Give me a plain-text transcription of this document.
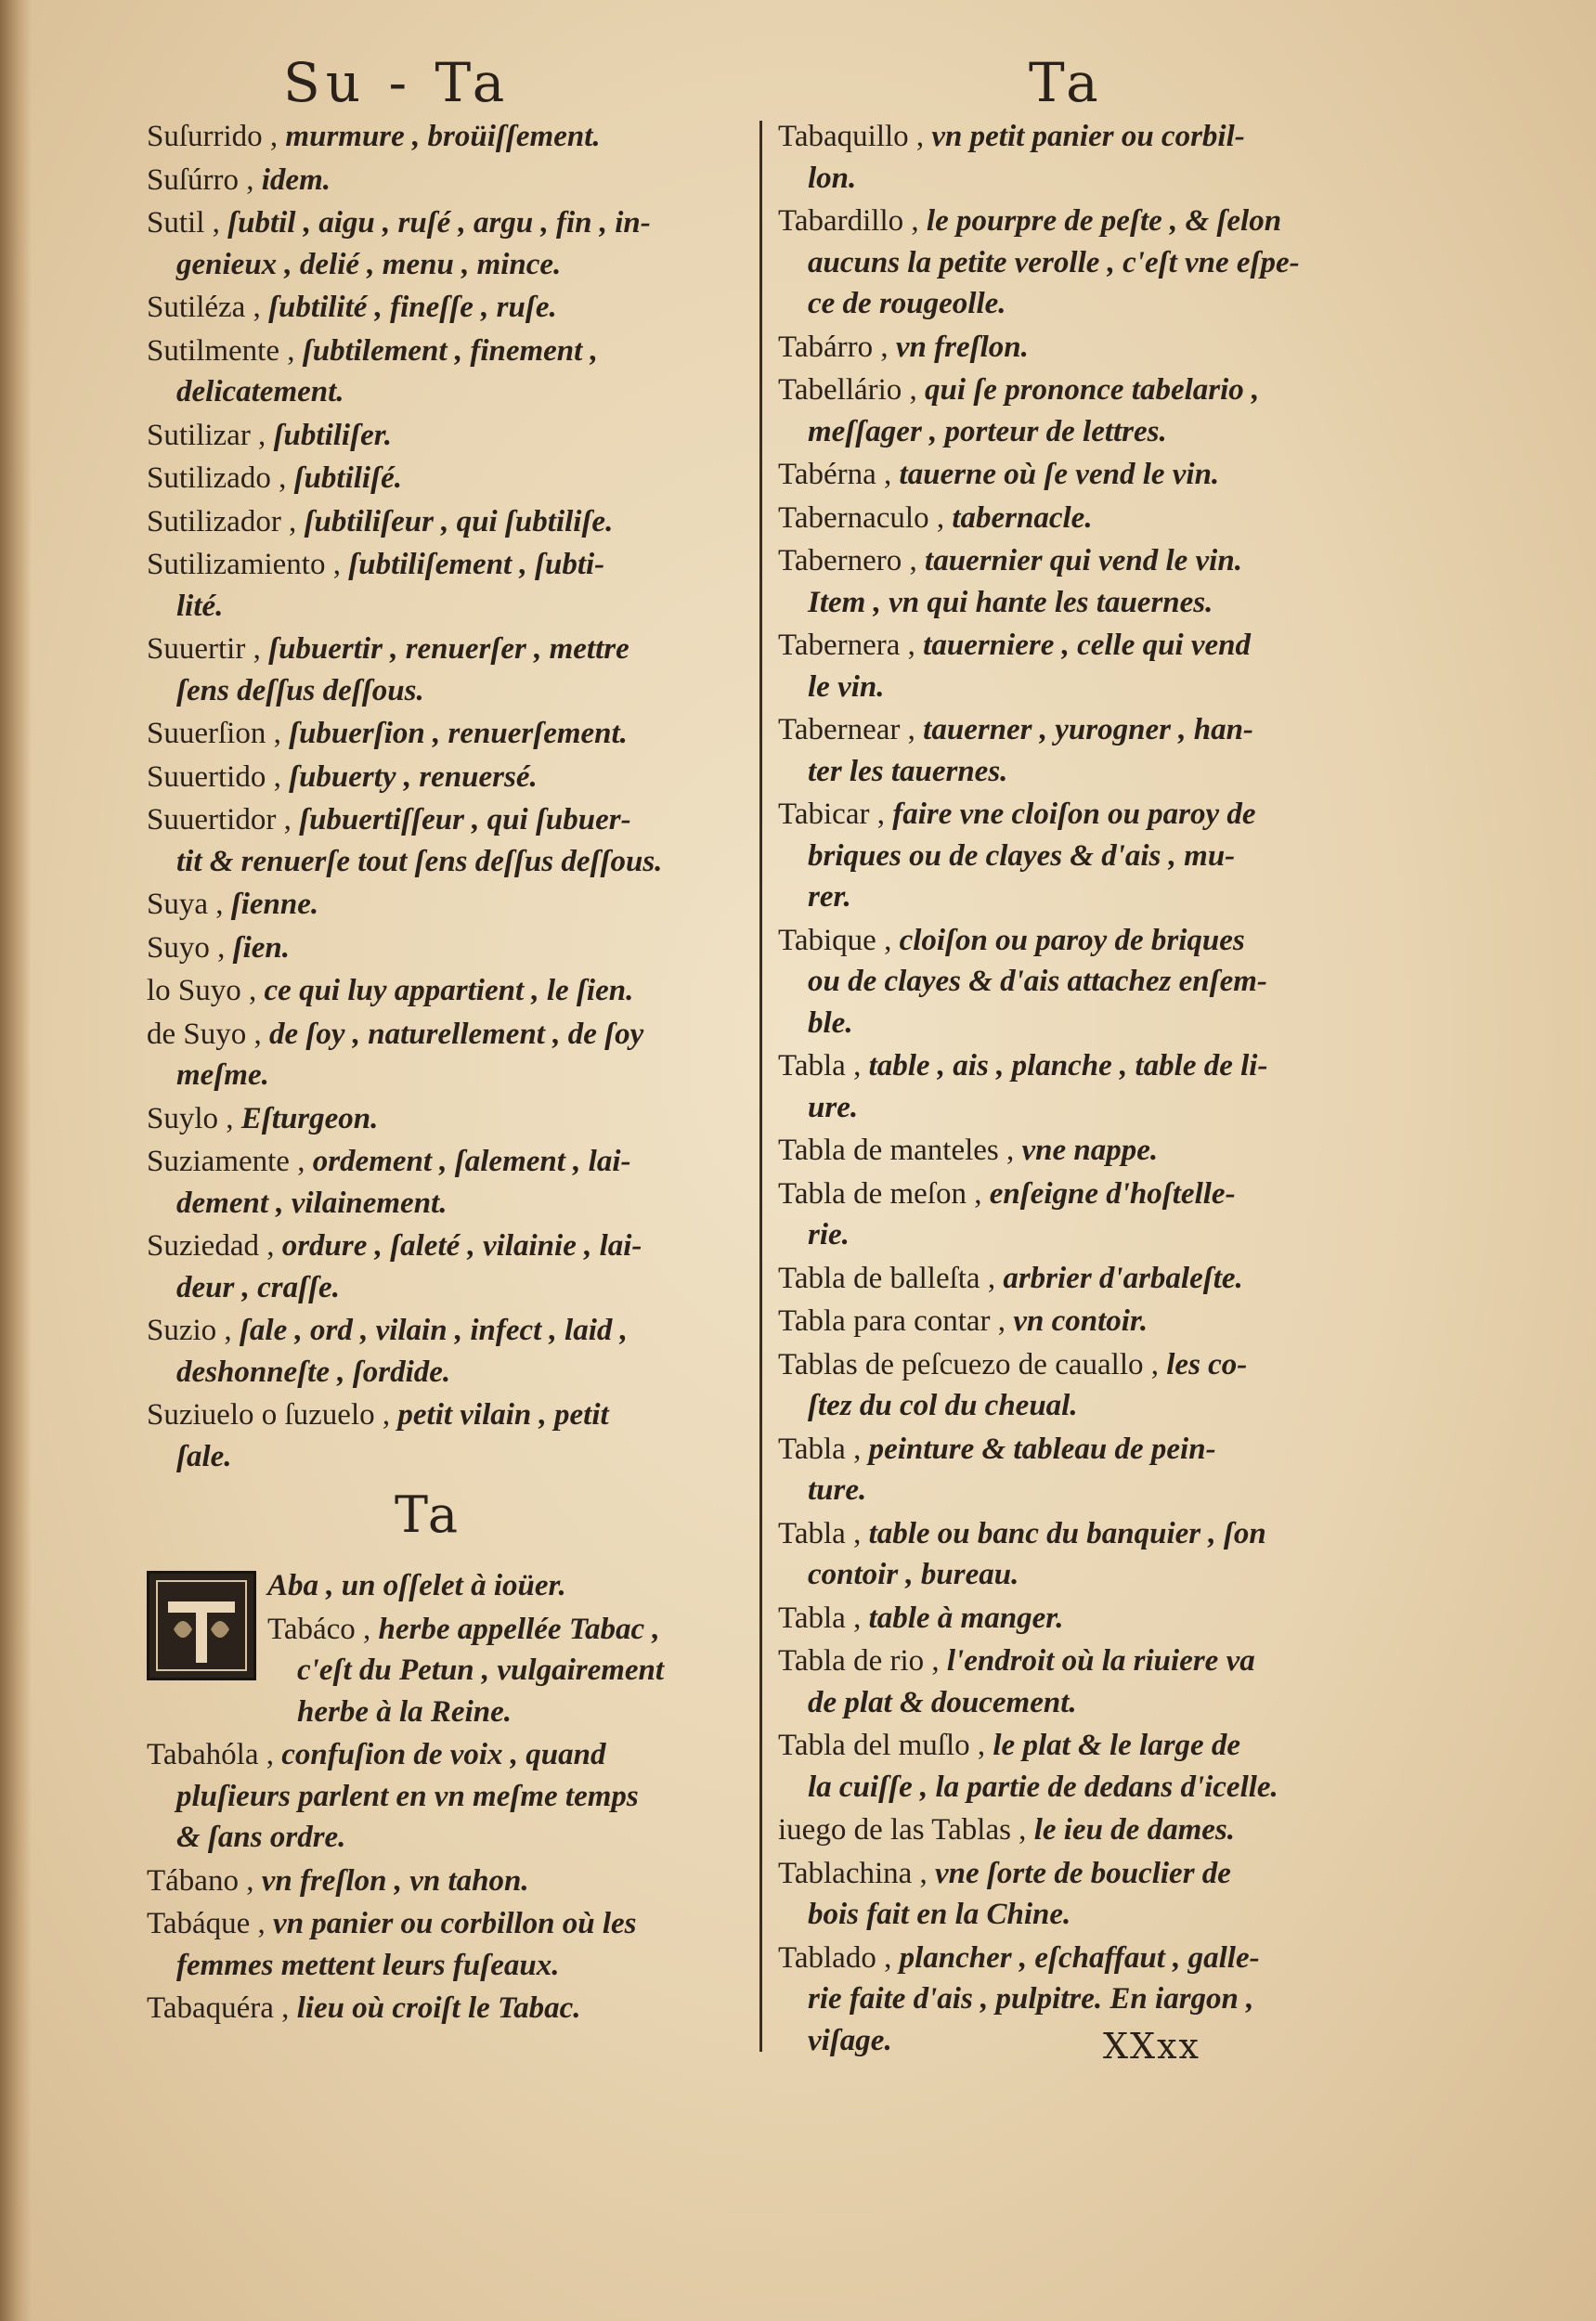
Su - Ta	Ta
Suſurrido , murmure , broüiſſement.
Suſúrro , idem.
Sutil , ſubtil , aigu , ruſé , argu , fin , in-
genieux , delié , menu , mince.
Sutiléza , ſubtilité , fineſſe , ruſe.
Sutilmente , ſubtilement , finement ,
delicatement.
Sutilizar , ſubtiliſer.
Sutilizado , ſubtiliſé.
Sutilizador , ſubtiliſeur , qui ſubtiliſe.
Sutilizamiento , ſubtiliſement , ſubti-
lité.
Suuertir , ſubuertir , renuerſer , mettre
ſens deſſus deſſous.
Suuerſion , ſubuerſion , renuerſement.
Suuertido , ſubuerty , renuersé.
Suuertidor , ſubuertiſſeur , qui ſubuer-
tit & renuerſe tout ſens deſſus deſſous.
Suya , ſienne.
Suyo , ſien.
lo Suyo , ce qui luy appartient , le ſien.
de Suyo , de ſoy , naturellement , de ſoy
meſme.
Suylo , Eſturgeon.
Suziamente , ordement , ſalement , lai-
dement , vilainement.
Suziedad , ordure , ſaleté , vilainie , lai-
deur , craſſe.
Suzio , ſale , ord , vilain , infect , laid ,
deshonneſte , ſordide.
Suziuelo o ſuzuelo , petit vilain , petit
ſale.
Tabaquillo , vn petit panier ou corbil-
lon.
Tabardillo , le pourpre de peſte , & ſelon
aucuns la petite verolle , c'eſt vne eſpe-
ce de rougeolle.
Tabárro , vn freſlon.
Tabellário , qui ſe prononce tabelario ,
meſſager , porteur de lettres.
Tabérna , tauerne où ſe vend le vin.
Tabernaculo , tabernacle.
Tabernero , tauernier qui vend le vin.
Item , vn qui hante les tauernes.
Tabernera , tauerniere , celle qui vend
le vin.
Tabernear , tauerner , yurogner , han-
ter les tauernes.
Tabicar , faire vne cloiſon ou paroy de
briques ou de clayes & d'ais , mu-
rer.
Tabique , cloiſon ou paroy de briques
ou de clayes & d'ais attachez enſem-
ble.
Tabla , table , ais , planche , table de li-
ure.
Tabla de manteles , vne nappe.
Tabla de meſon , enſeigne d'hoſtelle-
rie.
Tabla de balleſta , arbrier d'arbaleſte.
Tabla para contar , vn contoir.
Tablas de peſcuezo de cauallo , les co-
ſtez du col du cheual.
Tabla , peinture & tableau de pein-
ture.
Tabla , table ou banc du banquier , ſon
contoir , bureau.
Tabla , table à manger.
Tabla de rio , l'endroit où la riuiere va
de plat & doucement.
Tabla del muſlo , le plat & le large de
la cuiſſe , la partie de dedans d'icelle.
iuego de las Tablas , le ieu de dames.
Tablachina , vne ſorte de bouclier de
bois fait en la Chine.
Tablado , plancher , eſchaffaut , galle-
rie faite d'ais , pulpitre. En iargon ,
viſage.
Ta
Aba , un oſſelet à ioüer.
Tabáco , herbe appellée Tabac ,
c'eſt du Petun , vulgairement
herbe à la Reine.
Tabahóla , confuſion de voix , quand
pluſieurs parlent en vn meſme temps
& ſans ordre.
Tábano , vn freſlon , vn tahon.
Tabáque , vn panier ou corbillon où les
femmes mettent leurs fuſeaux.
Tabaquéra , lieu où croiſt le Tabac.
XXxx
